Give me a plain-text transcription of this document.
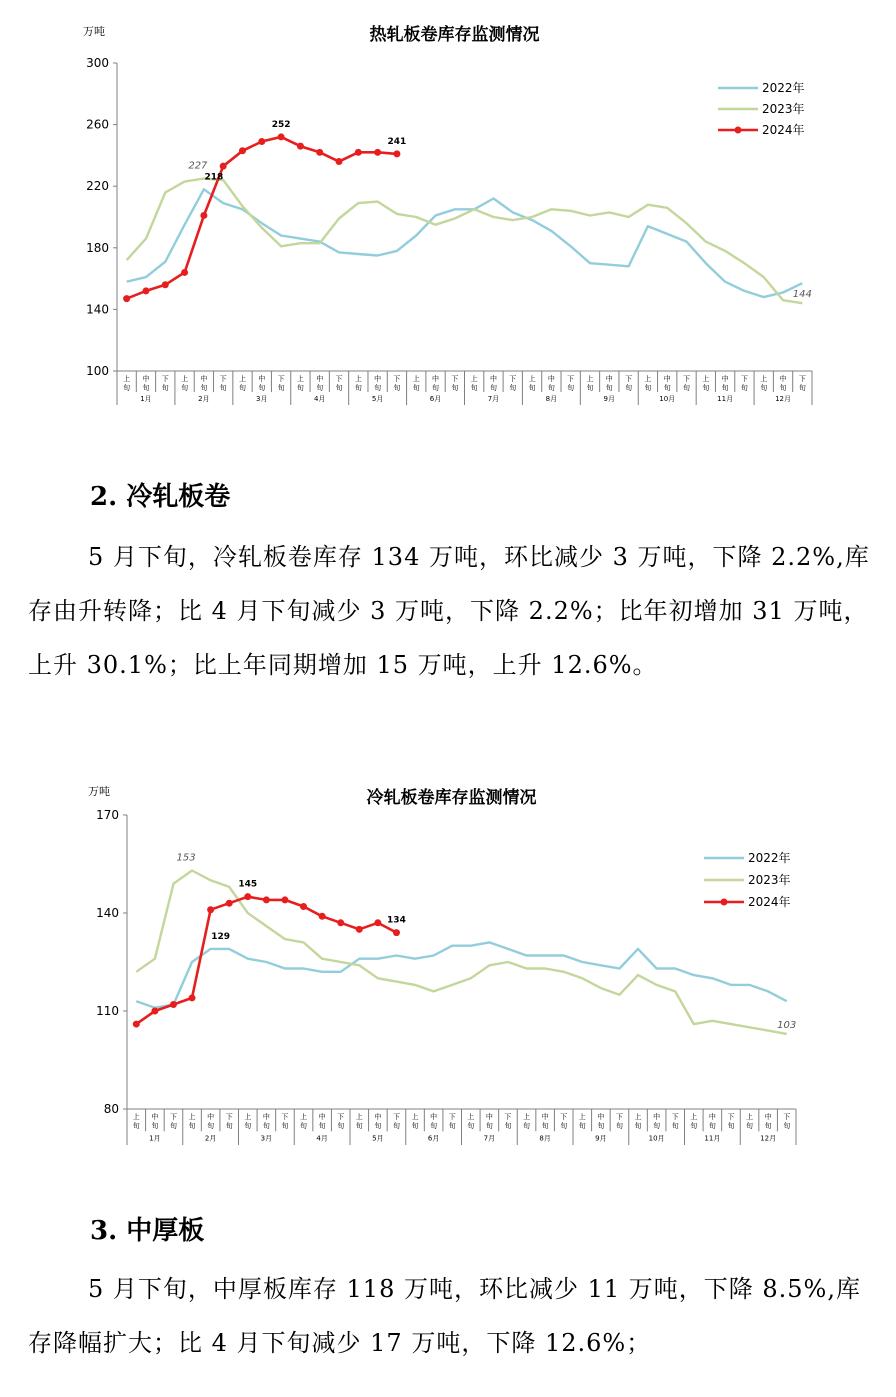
热轧板卷库存监测情况
万吨
100
140
180
220
260
300
上
旬
中
旬
下
旬
上
旬
中
旬
下
旬
上
旬
中
旬
下
旬
上
旬
中
旬
下
旬
上
旬
中
旬
下
旬
上
旬
中
旬
下
旬
上
旬
中
旬
下
旬
上
旬
中
旬
下
旬
上
旬
中
旬
下
旬
上
旬
中
旬
下
旬
上
旬
中
旬
下
旬
上
旬
中
旬
下
旬
1月	2月	3月	4月	5月	6月	7月	8月	9月	10月	11月	12月
227
218
252
241
144
2022年
2023年
2024年
2. 冷轧板卷
5 月下旬，冷轧板卷库存 134 万吨，环比减少 3 万吨，下降 2.2%,库存由升转降；比 4 月下旬减少 3 万吨，下降 2.2%；比年初增加 31 万吨，上升 30.1%；比上年同期增加 15 万吨，上升 12.6%。
冷轧板卷库存监测情况
万吨
80
110
140
170
上
旬
中
旬
下
旬
上
旬
中
旬
下
旬
上
旬
中
旬
下
旬
上
旬
中
旬
下
旬
上
旬
中
旬
下
旬
上
旬
中
旬
下
旬
上
旬
中
旬
下
旬
上
旬
中
旬
下
旬
上
旬
中
旬
下
旬
上
旬
中
旬
下
旬
上
旬
中
旬
下
旬
上
旬
中
旬
下
旬
1月	2月	3月	4月	5月	6月	7月	8月	9月	10月	11月	12月
153
129
145
134
103
2022年
2023年
2024年
3. 中厚板
5 月下旬，中厚板库存 118 万吨，环比减少 11 万吨，下降 8.5%,库存降幅扩大；比 4 月下旬减少 17 万吨，下降 12.6%；
